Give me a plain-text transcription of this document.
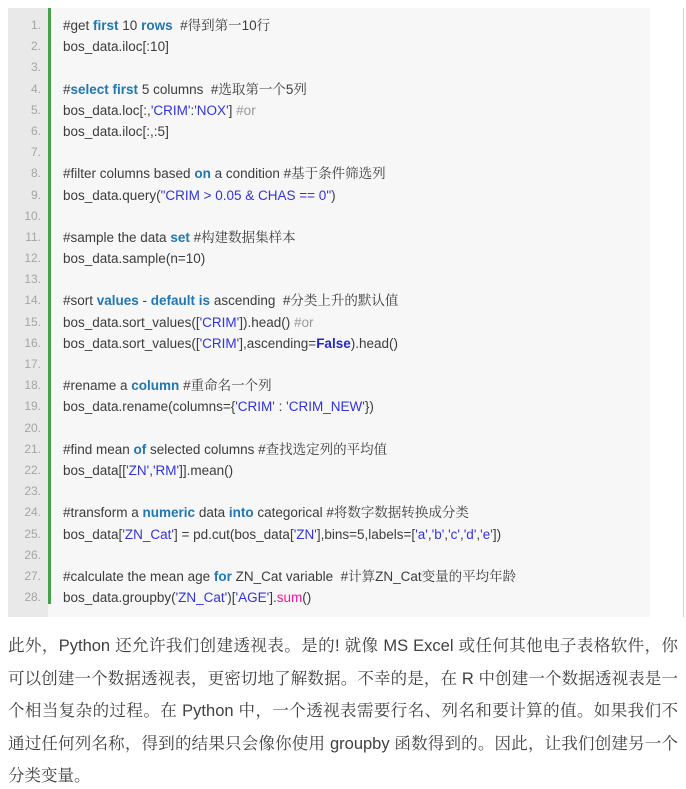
1.	#get first 10 rows  #得到第一10行
2.	bos_data.iloc[:10]
3.
4.	#select first 5 columns  #选取第一个5列
5.	bos_data.loc[:,'CRIM':'NOX'] #or
6.	bos_data.iloc[:,:5]
7.
8.	#filter columns based on a condition #基于条件筛选列
9.	bos_data.query("CRIM > 0.05 & CHAS == 0")
10.
11.	#sample the data set #构建数据集样本
12.	bos_data.sample(n=10)
13.
14.	#sort values - default is ascending  #分类上升的默认值
15.	bos_data.sort_values(['CRIM']).head() #or
16.	bos_data.sort_values(['CRIM'],ascending=False).head()
17.
18.	#rename a column #重命名一个列
19.	bos_data.rename(columns={'CRIM' : 'CRIM_NEW'})
20.
21.	#find mean of selected columns #查找选定列的平均值
22.	bos_data[['ZN','RM']].mean()
23.
24.	#transform a numeric data into categorical #将数字数据转换成分类
25.	bos_data['ZN_Cat'] = pd.cut(bos_data['ZN'],bins=5,labels=['a','b','c','d','e'])
26.
27.	#calculate the mean age for ZN_Cat variable  #计算ZN_Cat变量的平均年龄
28.	bos_data.groupby('ZN_Cat')['AGE'].sum()

此外，Python 还允许我们创建透视表。是的! 就像 MS Excel 或任何其他电子表格软件，你可以创建一个数据透视表，更密切地了解数据。不幸的是，在 R 中创建一个数据透视表是一个相当复杂的过程。在 Python 中，一个透视表需要行名、列名和要计算的值。如果我们不通过任何列名称，得到的结果只会像你使用 groupby 函数得到的。因此，让我们创建另一个分类变量。
